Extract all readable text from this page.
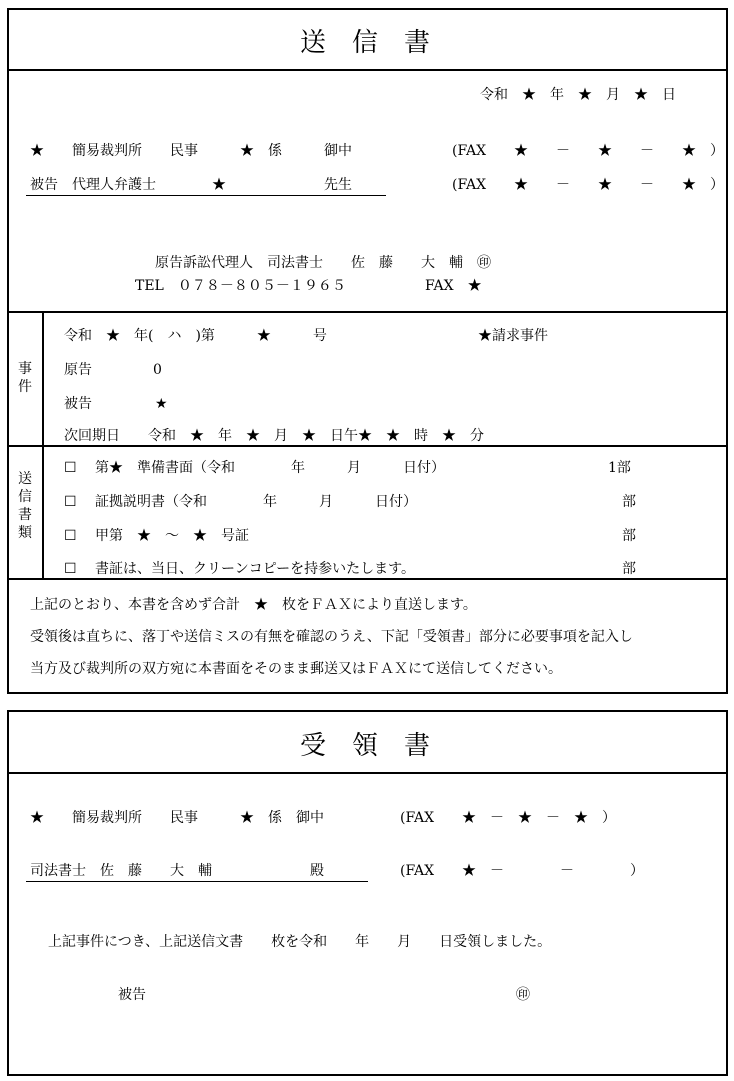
送　信　書
令和　★　年　★　月　★　日
★　　簡易裁判所　　民事　　　★　係　　　御中	(FAX　　★　　－　　★　　－　　★　）
被告　代理人弁護士　　　　★　　　　　　　先生	(FAX　　★　　－　　★　　－　　★　）
原告訴訟代理人　司法書士　　佐　藤　　大　輔　㊞
TEL　０７８－８０５－１９６５	FAX　★
事件
令和　★　年(　ハ　)第　　　★　　　号	★請求事件
原告	0
被告	★
次回期日　　令和　★　年　★　月　★　日午★　★　時　★　分
送信書類
☐ 第★　準備書面（令和　　　　年　　　月　　　日付）	1部
☐ 証拠説明書（令和　　　　年　　　月　　　日付）	部
☐ 甲第　★　～　★　号証	部
☐ 書証は、当日、クリーンコピーを持参いたします。	部
上記のとおり、本書を含めず合計　★　枚をＦＡＸにより直送します。
受領後は直ちに、落丁や送信ミスの有無を確認のうえ、下記「受領書」部分に必要事項を記入し
当方及び裁判所の双方宛に本書面をそのまま郵送又はＦＡＸにて送信してください。
受　領　書
★　　簡易裁判所　　民事　　　★　係　御中	(FAX　　★　－　★　－　★　）
司法書士　佐　藤　　大　輔　　　　　　　殿	(FAX　　★　－　　　　－　　　　）
上記事件につき、上記送信文書　　枚を令和　　年　　月　　日受領しました。
被告	㊞
